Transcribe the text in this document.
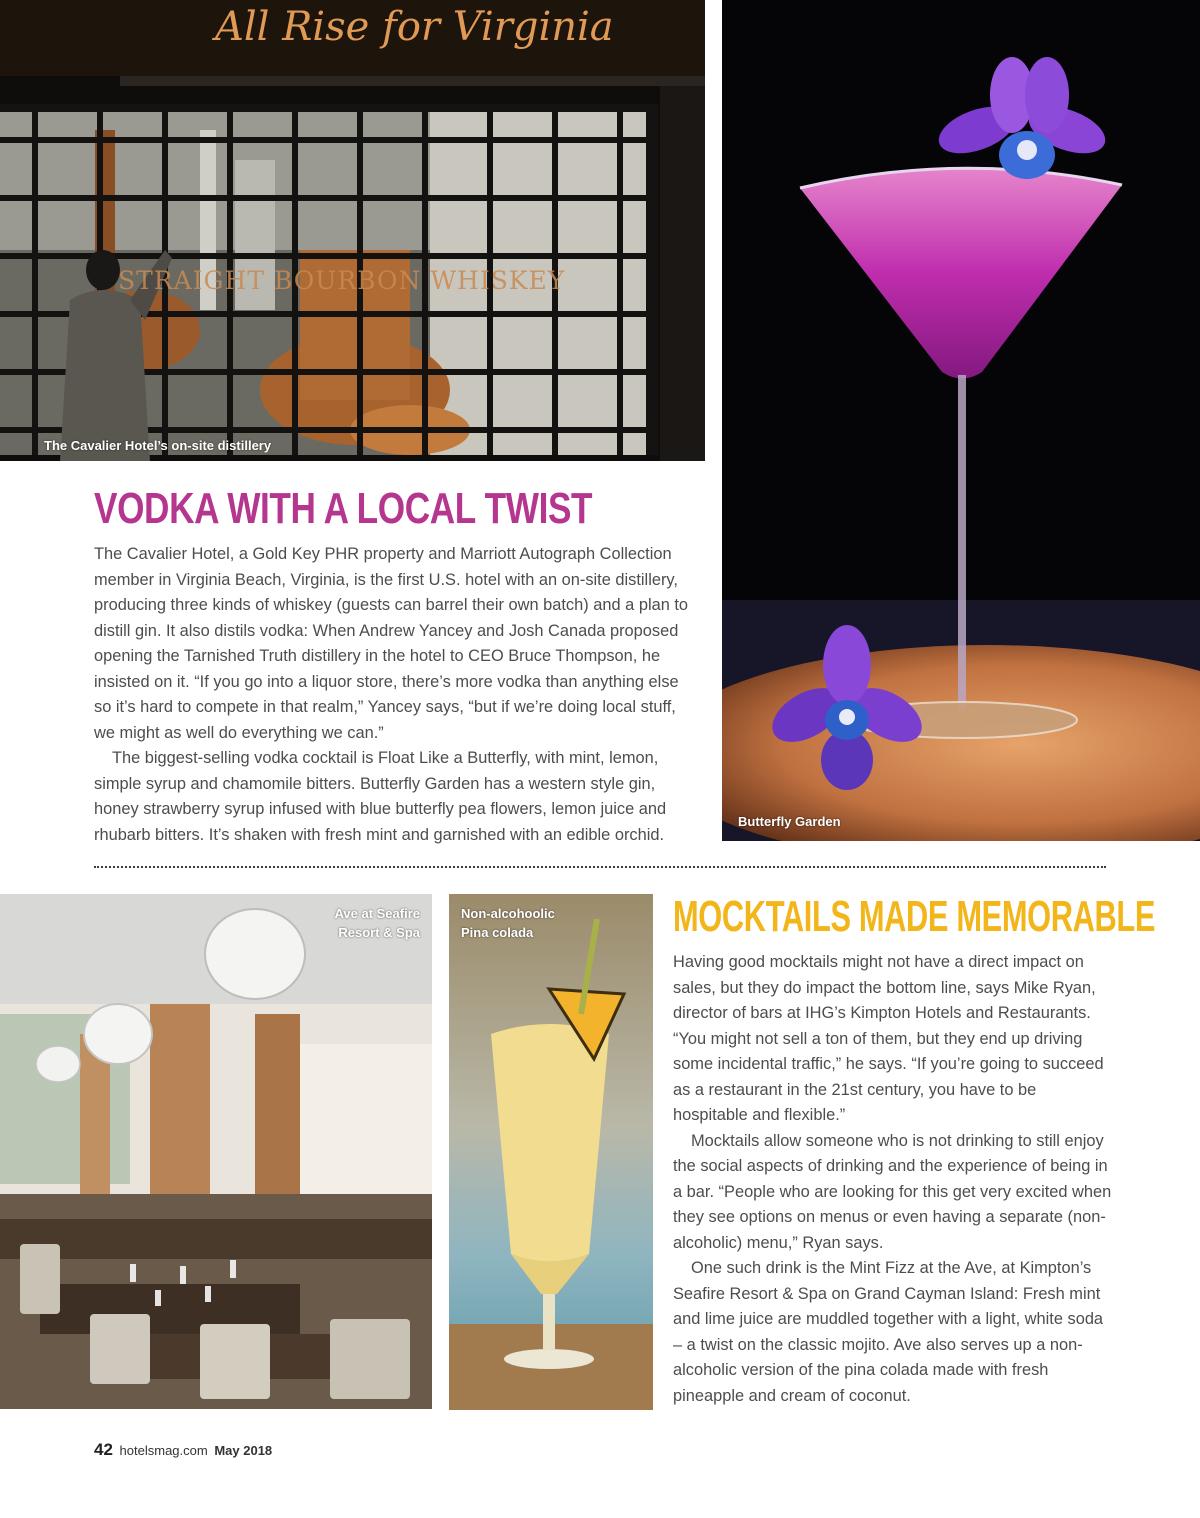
All Rise for Virginia
STRAIGHT BOURBON WHISKEY
The Cavalier Hotel’s on-site distillery
Butterfly Garden
VODKA WITH A LOCAL TWIST

The Cavalier Hotel, a Gold Key PHR property and Marriott Autograph Collection member in Virginia Beach, Virginia, is the first U.S. hotel with an on-site distillery, producing three kinds of whiskey (guests can barrel their own batch) and a plan to distill gin. It also distils vodka: When Andrew Yancey and Josh Canada proposed opening the Tarnished Truth distillery in the hotel to CEO Bruce Thompson, he insisted on it. “If you go into a liquor store, there’s more vodka than anything else so it’s hard to compete in that realm,” Yancey says, “but if we’re doing local stuff, we might as well do everything we can.”

The biggest-selling vodka cocktail is Float Like a Butterfly, with mint, lemon, simple syrup and chamomile bitters. Butterfly Garden has a western style gin, honey strawberry syrup infused with blue butterfly pea flowers, lemon juice and rhubarb bitters. It’s shaken with fresh mint and garnished with an edible orchid.

Ave at Seafire
Resort & Spa
Non-alcohoolic
Pina colada	MOCKTAILS MADE MEMORABLE

Having good mocktails might not have a direct impact on sales, but they do impact the bottom line, says Mike Ryan, director of bars at IHG’s Kimpton Hotels and Restaurants. “You might not sell a ton of them, but they end up driving some incidental traffic,” he says. “If you’re going to succeed as a restaurant in the 21st century, you have to be hospitable and flexible.”

Mocktails allow someone who is not drinking to still enjoy the social aspects of drinking and the experience of being in a bar. “People who are looking for this get very excited when they see options on menus or even having a separate (non-alcoholic) menu,” Ryan says.

One such drink is the Mint Fizz at the Ave, at Kimpton’s Seafire Resort & Spa on Grand Cayman Island: Fresh mint and lime juice are muddled together with a light, white soda – a twist on the classic mojito. Ave also serves up a non-alcoholic version of the pina colada made with fresh pineapple and cream of coconut.

42 hotelsmag.com May 2018
